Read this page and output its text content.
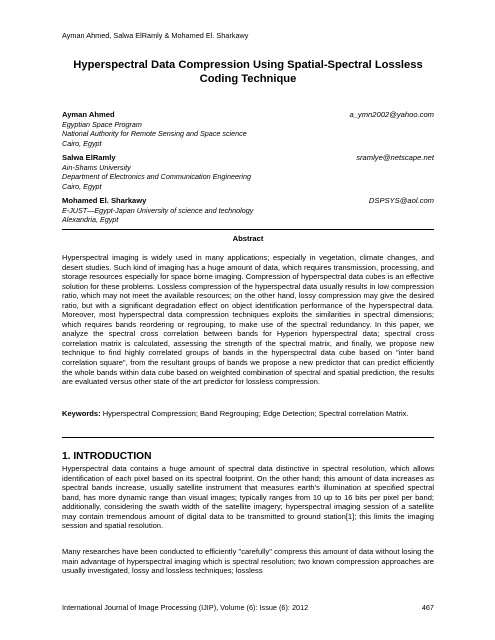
Ayman Ahmed, Salwa ElRamly & Mohamed El. Sharkawy
Hyperspectral Data Compression Using Spatial-Spectral Lossless Coding Technique
Ayman Ahmed	a_ymn2002@yahoo.com
Egyptian Space Program
National Authority for Remote Sensing and Space science
Cairo, Egypt
Salwa ElRamly	sramlye@netscape.net
Ain-Shams University
Department of Electronics and Communication Engineering
Cairo, Egypt
Mohamed El. Sharkawy	DSPSYS@aol.com
E-JUST—Egypt-Japan University of science and technology
Alexandria, Egypt
Abstract
Hyperspectral imaging is widely used in many applications; especially in vegetation, climate changes, and desert studies. Such kind of imaging has a huge amount of data, which requires transmission, processing, and storage resources especially for space borne imaging. Compression of hyperspectral data cubes is an effective solution for these problems. Lossless compression of the hyperspectral data usually results in low compression ratio, which may not meet the available resources; on the other hand, lossy compression may give the desired ratio, but with a significant degradation effect on object identification performance of the hyperspectral data. Moreover, most hyperspectral data compression techniques exploits the similarities in spectral dimensions; which requires bands reordering or regrouping, to make use of the spectral redundancy. In this paper, we analyze the spectral cross correlation between bands for Hyperion hyperspectral data; spectral cross correlation matrix is calculated, assessing the strength of the spectral matrix, and finally, we propose new technique to find highly correlated groups of bands in the hyperspectral data cube based on "inter band correlation square", from the resultant groups of bands we propose a new predictor that can predict efficiently the whole bands within data cube based on weighted combination of spectral and spatial prediction, the results are evaluated versus other state of the art predictor for lossless compression.
Keywords: Hyperspectral Compression; Band Regrouping; Edge Detection; Spectral correlation Matrix.
1. INTRODUCTION
Hyperspectral data contains a huge amount of spectral data distinctive in spectral resolution, which allows identification of each pixel based on its spectral footprint. On the other hand; this amount of data increases as spectral bands increase, usually satellite instrument that measures earth's illumination at specified spectral band, has more dynamic range than visual images; typically ranges from 10 up to 16 bits per pixel per band; additionally, considering the swath width of the satellite imagery; hyperspectral imaging session of a satellite may contain tremendous amount of digital data to be transmitted to ground station[1]; this limits the imaging session and spatial resolution.
Many researches have been conducted to efficiently "carefully" compress this amount of data without losing the main advantage of hyperspectral imaging which is spectral resolution; two known compression approaches are usually investigated, lossy and lossless techniques; lossless
International Journal of Image Processing (IJIP), Volume (6): Issue (6): 2012	467
